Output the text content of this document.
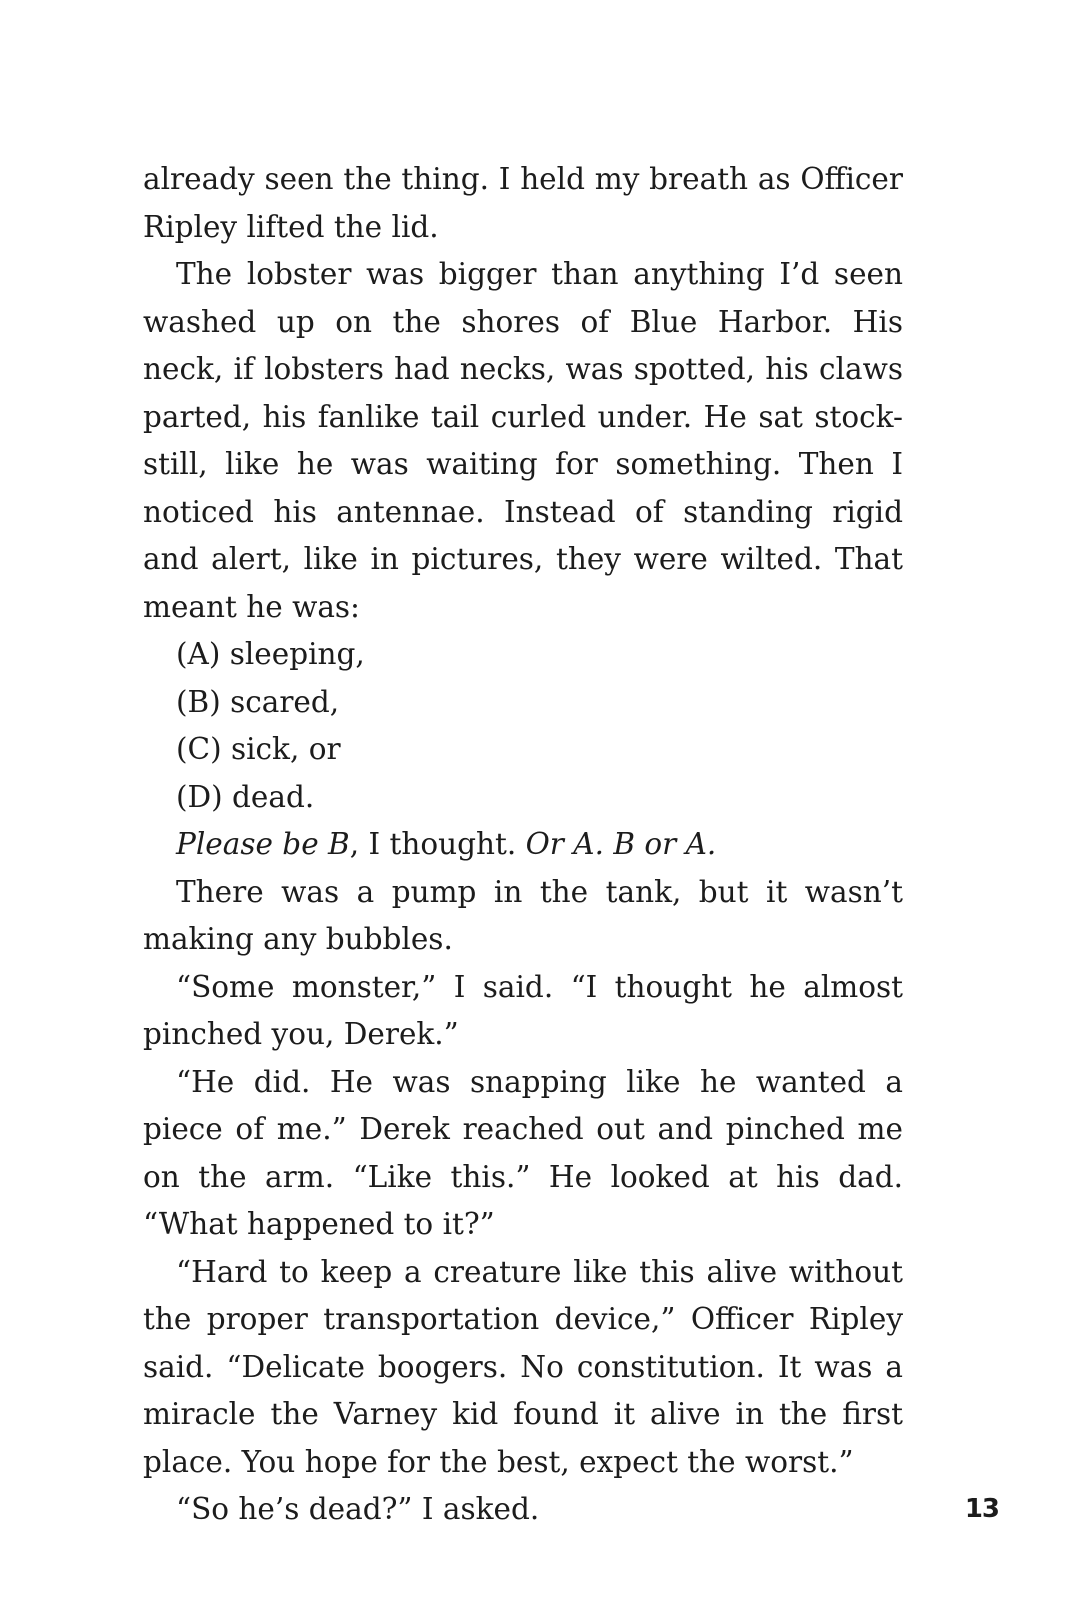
already seen the thing. I held my breath as Officer Ripley lifted the lid.

The lobster was bigger than anything I’d seen washed up on the shores of Blue Harbor. His neck, if lobsters had necks, was spotted, his claws parted, his fanlike tail curled under. He sat stock-still, like he was waiting for something. Then I noticed his antennae. Instead of standing rigid and alert, like in pictures, they were wilted. That meant he was:

(A) sleeping,

(B) scared,

(C) sick, or

(D) dead.

Please be B, I thought. Or A. B or A.

There was a pump in the tank, but it wasn’t making any bubbles.

“Some monster,” I said. “I thought he almost pinched you, Derek.”

“He did. He was snapping like he wanted a piece of me.” Derek reached out and pinched me on the arm. “Like this.” He looked at his dad. “What happened to it?”

“Hard to keep a creature like this alive without the proper transportation device,” Officer Ripley said. “Delicate boogers. No constitution. It was a miracle the Varney kid found it alive in the first place. You hope for the best, expect the worst.”

“So he’s dead?” I asked.	13
